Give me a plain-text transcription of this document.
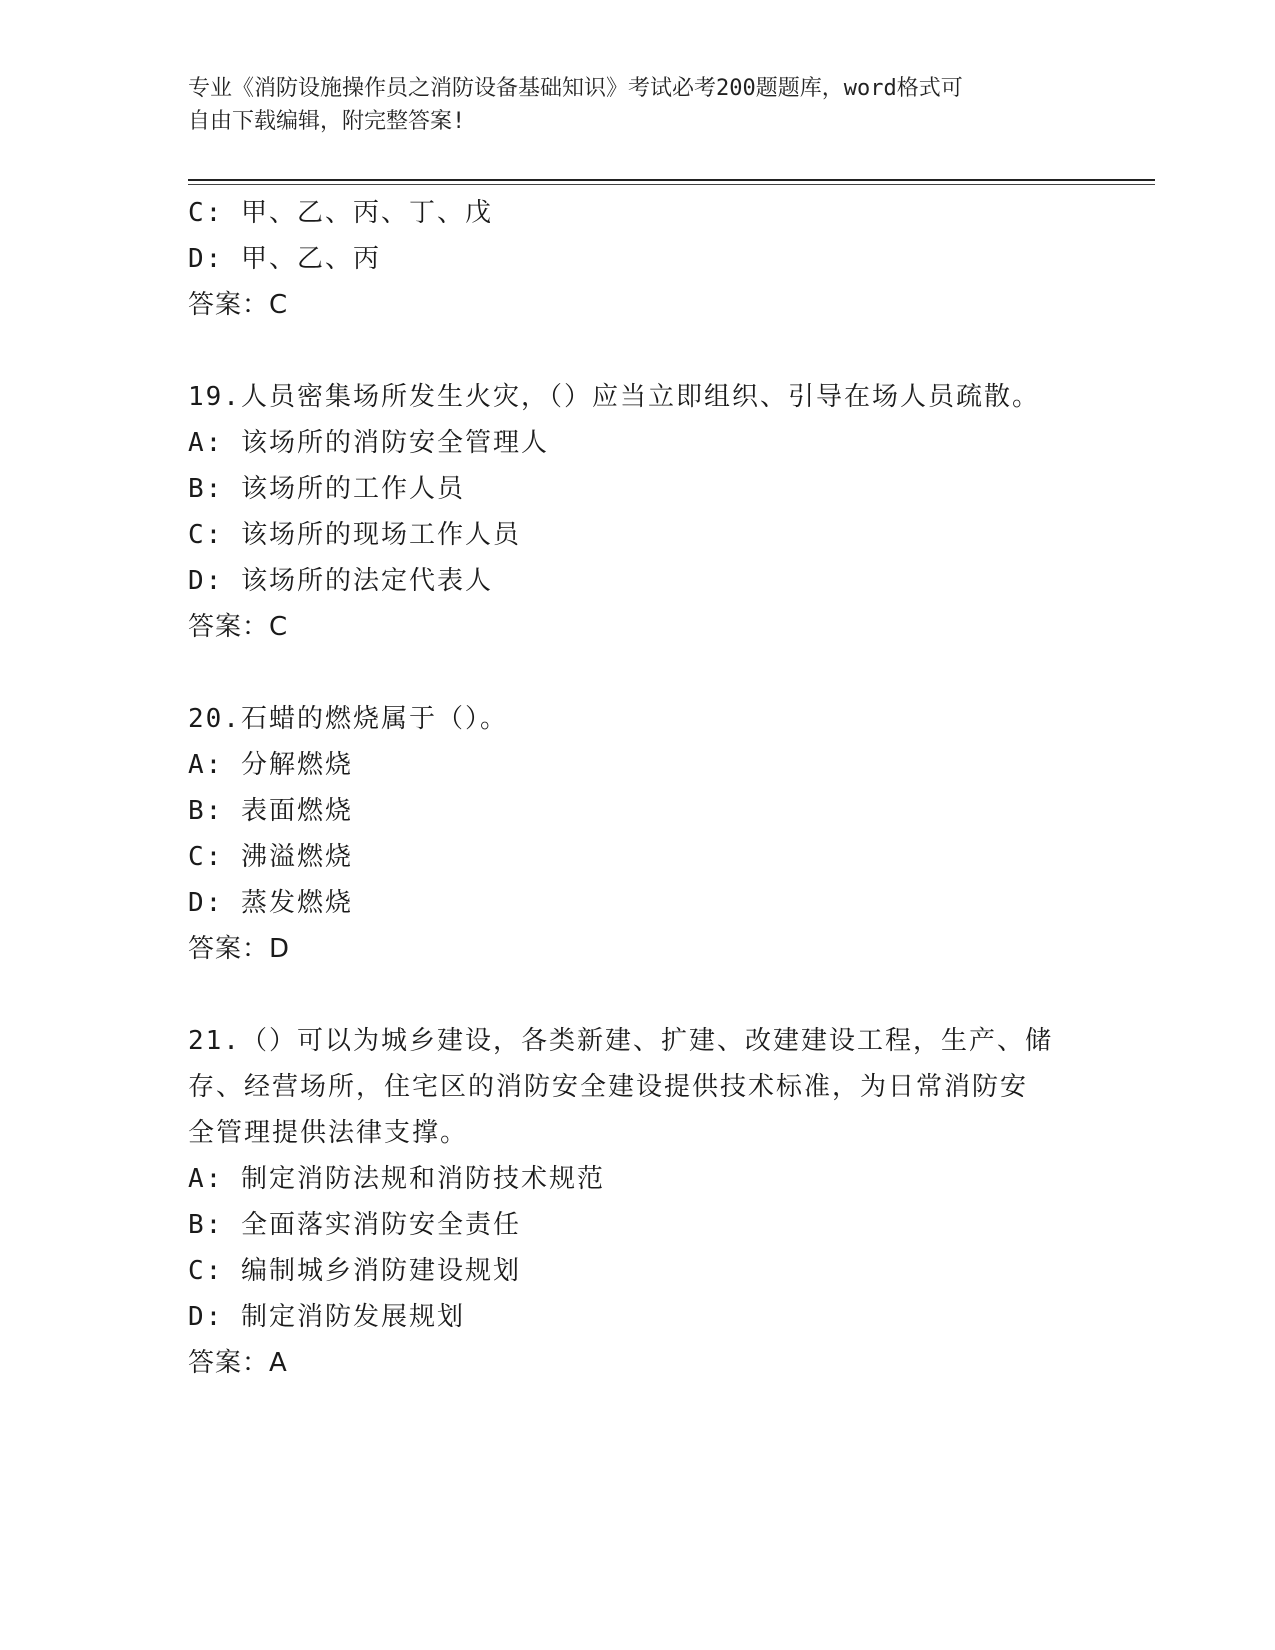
专业《消防设施操作员之消防设备基础知识》考试必考200题题库，word格式可
自由下载编辑，附完整答案!
C: 甲、乙、丙、丁、戊
D: 甲、乙、丙
答案：C
19.人员密集场所发生火灾，（）应当立即组织、引导在场人员疏散。
A: 该场所的消防安全管理人
B: 该场所的工作人员
C: 该场所的现场工作人员
D: 该场所的法定代表人
答案：C
20.石蜡的燃烧属于（）。
A: 分解燃烧
B: 表面燃烧
C: 沸溢燃烧
D: 蒸发燃烧
答案：D
21.（）可以为城乡建设，各类新建、扩建、改建建设工程，生产、储
存、经营场所，住宅区的消防安全建设提供技术标准，为日常消防安
全管理提供法律支撑。
A: 制定消防法规和消防技术规范
B: 全面落实消防安全责任
C: 编制城乡消防建设规划
D: 制定消防发展规划
答案：A
